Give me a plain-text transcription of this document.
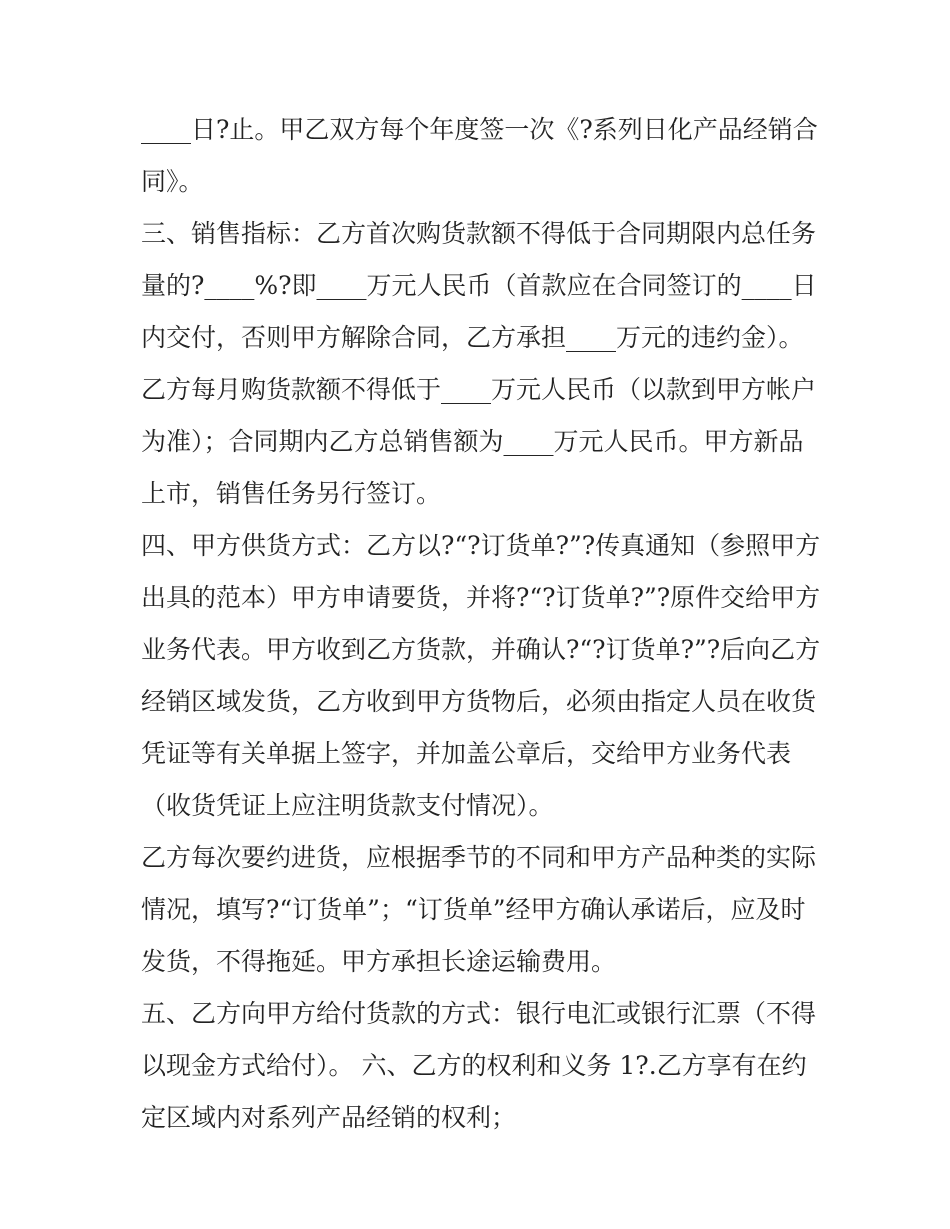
____日?止。甲乙双方每个年度签一次《?系列日化产品经销合

同》。

三、销售指标：乙方首次购货款额不得低于合同期限内总任务

量的?____%?即____万元人民币（首款应在合同签订的____日

内交付，否则甲方解除合同，乙方承担____万元的违约金）。

乙方每月购货款额不得低于____万元人民币（以款到甲方帐户

为准）；合同期内乙方总销售额为____万元人民币。甲方新品

上市，销售任务另行签订。

四、甲方供货方式：乙方以?“?订货单?”?传真通知（参照甲方

出具的范本）甲方申请要货，并将?“?订货单?”?原件交给甲方

业务代表。甲方收到乙方货款，并确认?“?订货单?”?后向乙方

经销区域发货，乙方收到甲方货物后，必须由指定人员在收货

凭证等有关单据上签字，并加盖公章后，交给甲方业务代表

（收货凭证上应注明货款支付情况）。

乙方每次要约进货，应根据季节的不同和甲方产品种类的实际

情况，填写?“订货单”；“订货单”经甲方确认承诺后，应及时

发货，不得拖延。甲方承担长途运输费用。

五、乙方向甲方给付货款的方式：银行电汇或银行汇票（不得

以现金方式给付）。 六、乙方的权利和义务 1?.乙方享有在约

定区域内对系列产品经销的权利；
